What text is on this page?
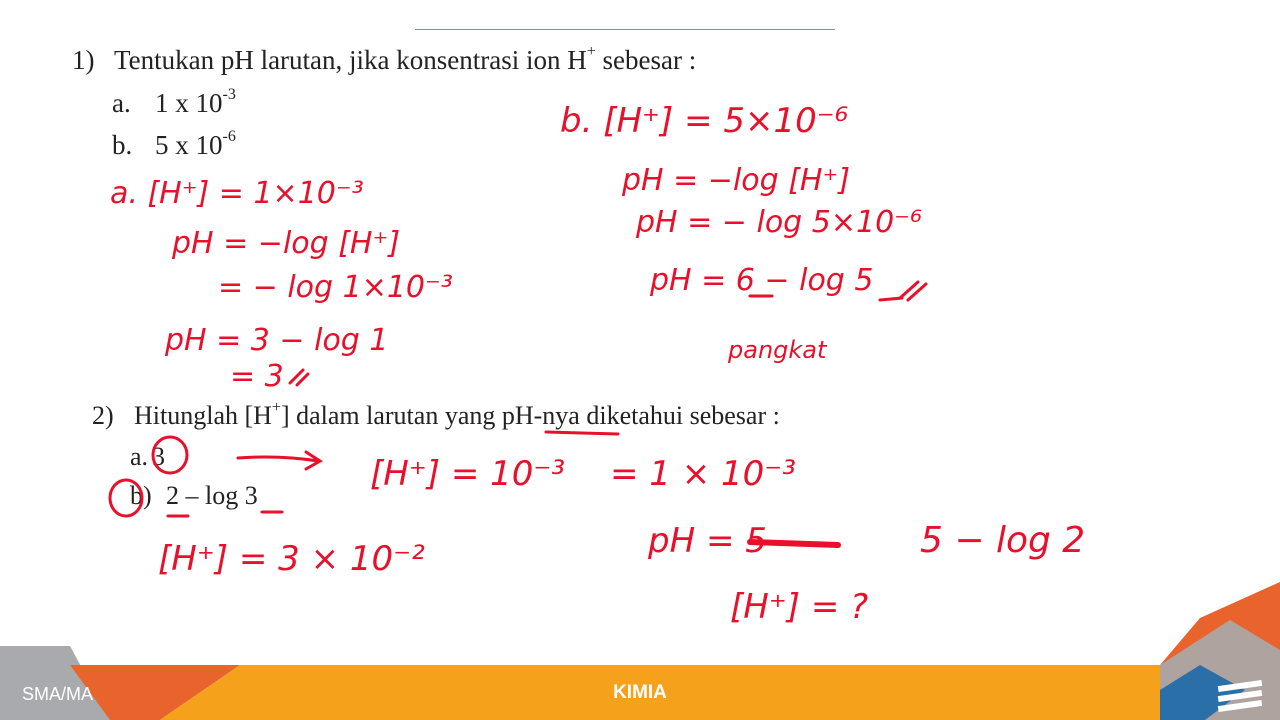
1) Tentukan pH larutan, jika konsentrasi ion H+ sebesar :
a. 1 x $10^{-3}$
b. 5 x $10^{-6}$
2) Hitunglah [H+] dalam larutan yang pH-nya diketahui sebesar :
a. 3
b) 2 – log 3
a. [H⁺] = 1×10⁻³
pH = −log [H⁺]
= − log 1×10⁻³
pH = 3 − log 1
= 3
b. [H⁺] = 5×10⁻⁶
pH = −log [H⁺]
pH = − log 5×10⁻⁶
pH = 6 − log 5
pangkat
[H⁺] = 10⁻³ = 1 × 10⁻³
[H⁺] = 3 × 10⁻²	pH = 5	5 − log 2
[H⁺] = ?
SMA/MA	KIMIA
